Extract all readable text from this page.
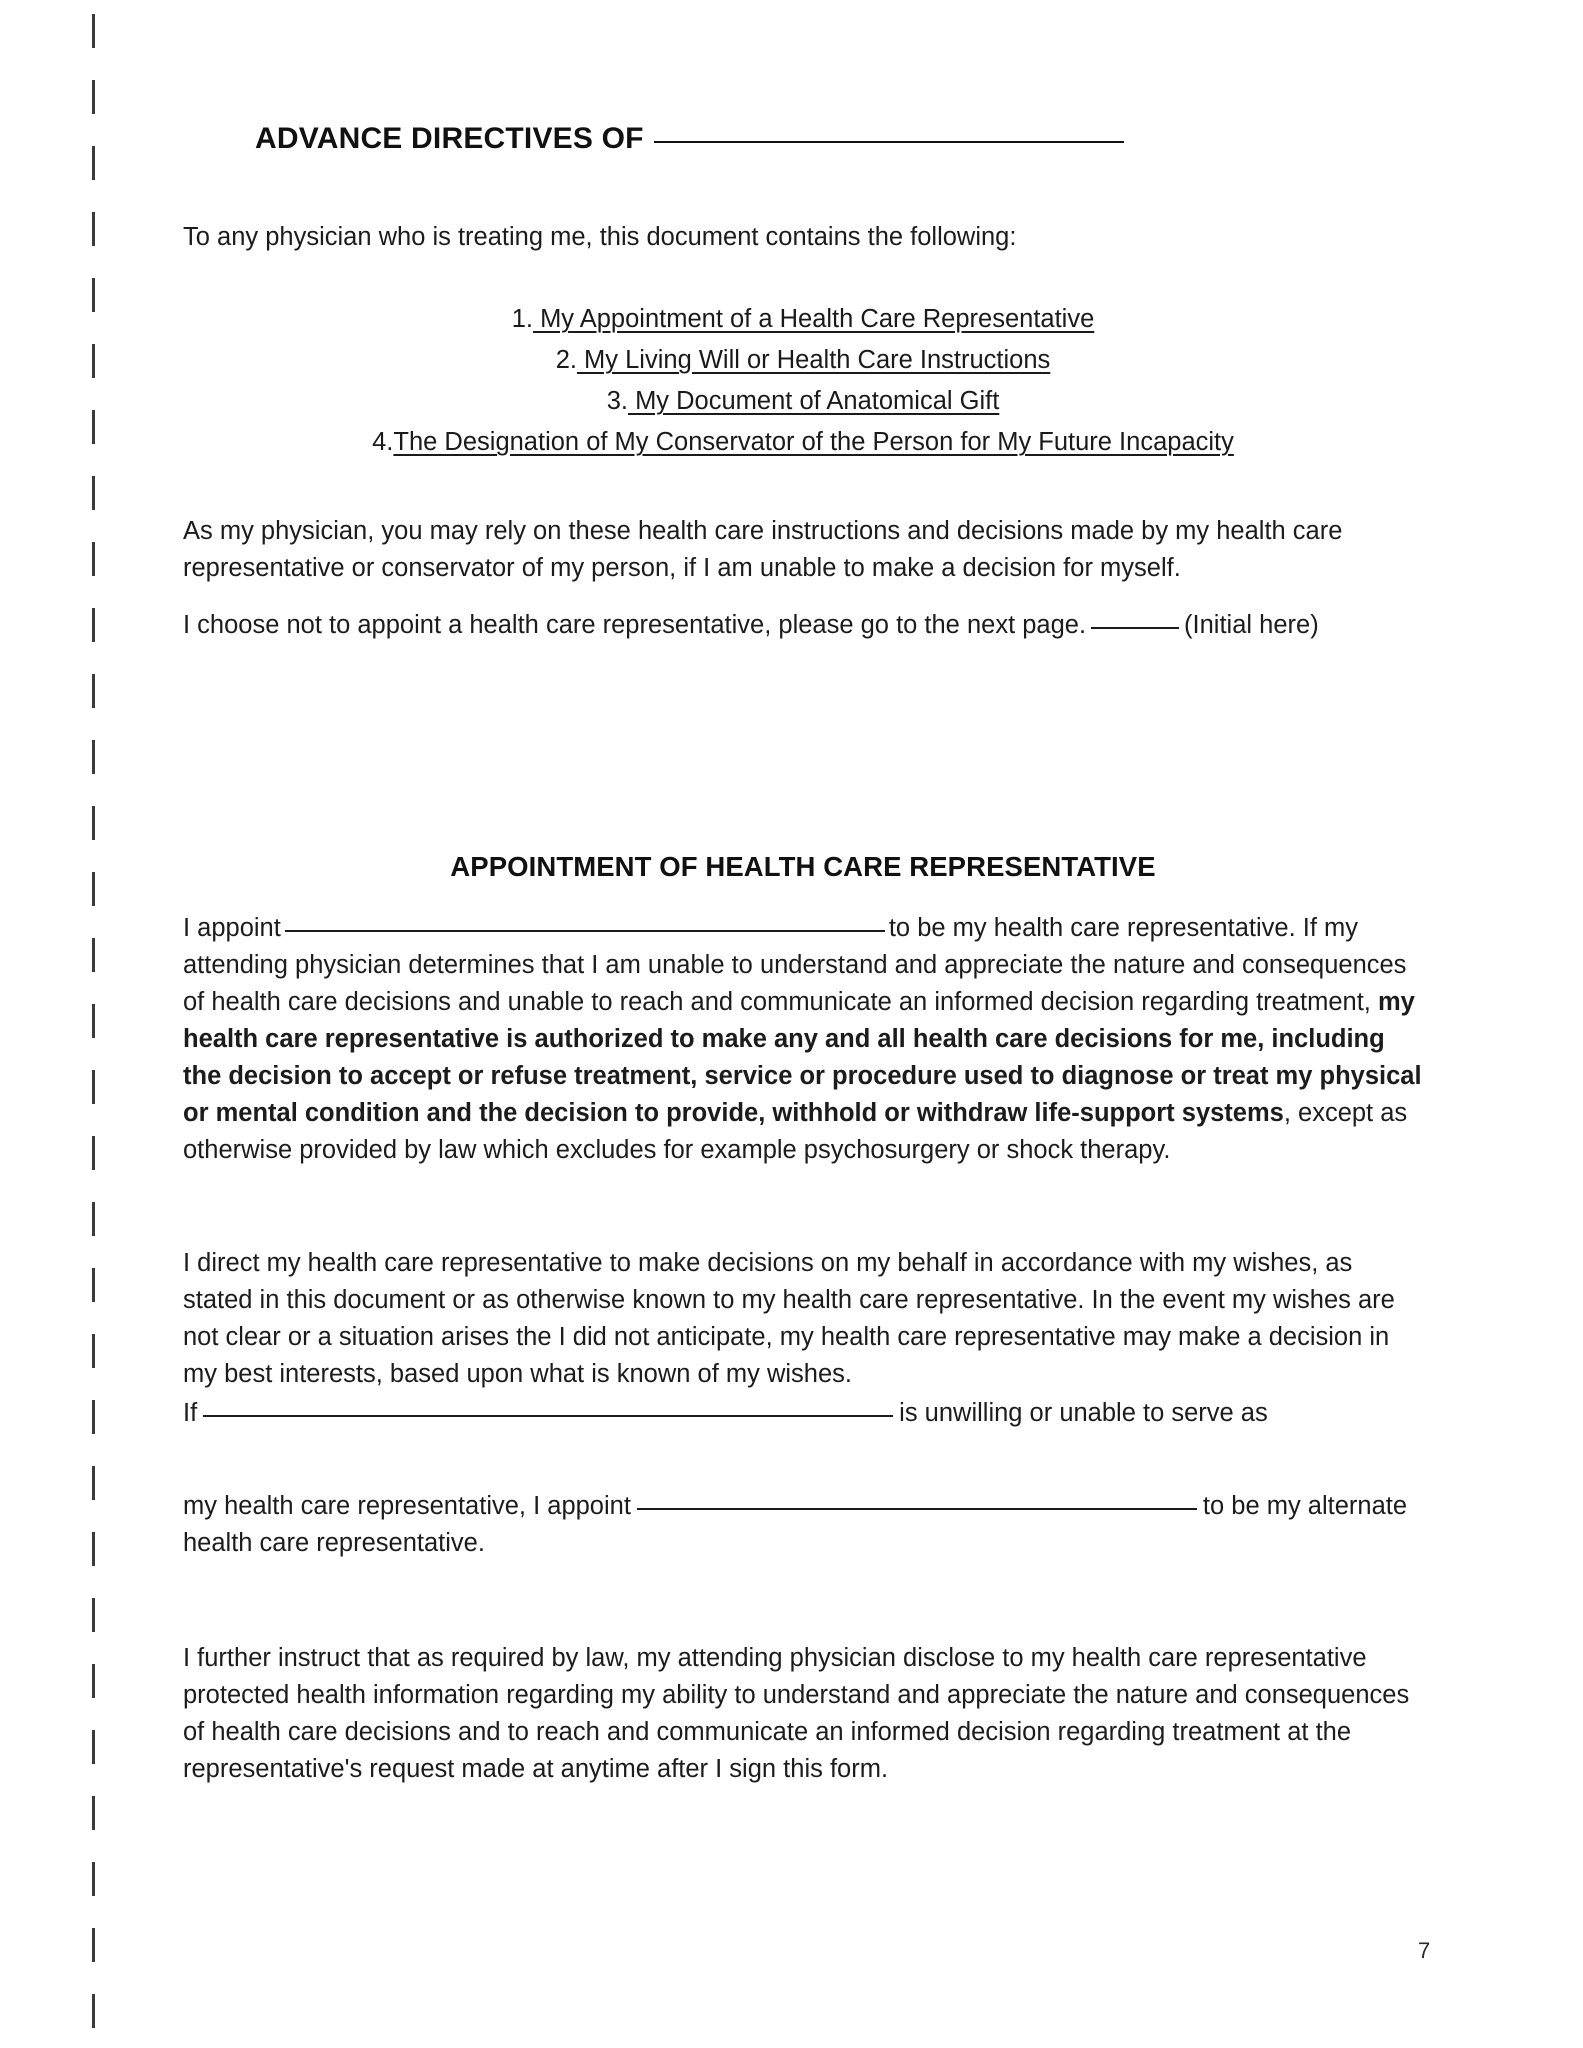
ADVANCE DIRECTIVES OF

To any physician who is treating me, this document contains the following:

1. My Appointment of a Health Care Representative
2. My Living Will or Health Care Instructions
3. My Document of Anatomical Gift
4.The Designation of My Conservator of the Person for My Future Incapacity

As my physician, you may rely on these health care instructions and decisions made by my health care representative or conservator of my person, if I am unable to make a decision for myself.

I choose not to appoint a health care representative, please go to the next page.	(Initial here)

APPOINTMENT OF HEALTH CARE REPRESENTATIVE

I appoint	to be my health care representative. If my attending physician determines that I am unable to understand and appreciate the nature and consequences of health care decisions and unable to reach and communicate an informed decision regarding treatment, my health care representative is authorized to make any and all health care decisions for me, including the decision to accept or refuse treatment, service or procedure used to diagnose or treat my physical or mental condition and the decision to provide, withhold or withdraw life-support systems, except as otherwise provided by law which excludes for example psychosurgery or shock therapy.

I direct my health care representative to make decisions on my behalf in accordance with my wishes, as stated in this document or as otherwise known to my health care representative. In the event my wishes are not clear or a situation arises the I did not anticipate, my health care representative may make a decision in my best interests, based upon what is known of my wishes.

If	is unwilling or unable to serve as

my health care representative, I appoint	to be my alternate health care representative.

I further instruct that as required by law, my attending physician disclose to my health care representative protected health information regarding my ability to understand and appreciate the nature and consequences of health care decisions and to reach and communicate an informed decision regarding treatment at the representative's request made at anytime after I sign this form.

7
